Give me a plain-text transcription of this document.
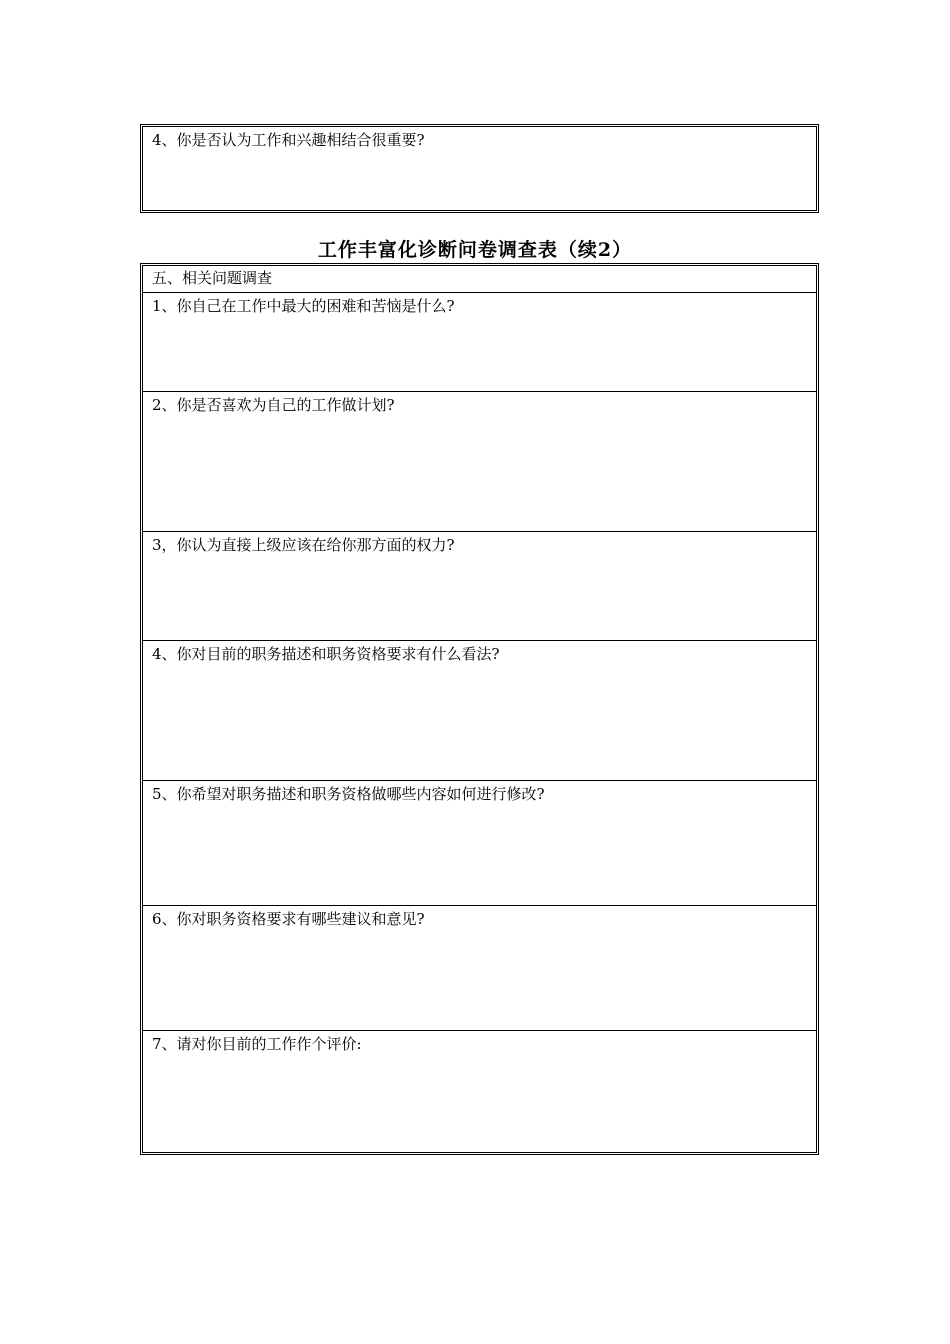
4、你是否认为工作和兴趣相结合很重要?
工作丰富化诊断问卷调查表（续2）
五、相关问题调查
1、你自己在工作中最大的困难和苦恼是什么?
2、你是否喜欢为自己的工作做计划?
3，你认为直接上级应该在给你那方面的权力?
4、你对目前的职务描述和职务资格要求有什么看法?
5、你希望对职务描述和职务资格做哪些内容如何进行修改?
6、你对职务资格要求有哪些建议和意见?
7、请对你目前的工作作个评价:
